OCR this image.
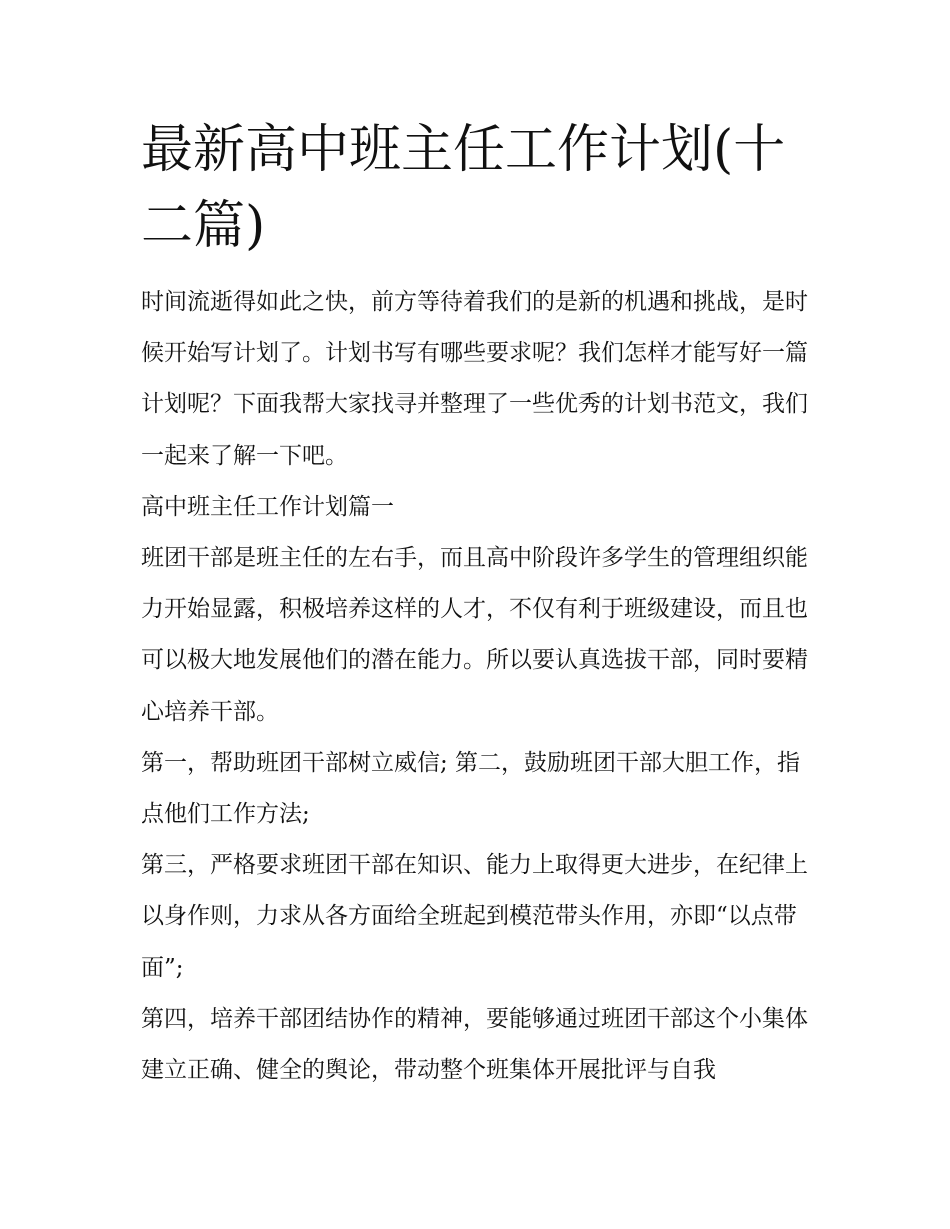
最新高中班主任工作计划(十二篇)

时间流逝得如此之快，前方等待着我们的是新的机遇和挑战，是时候开始写计划了。计划书写有哪些要求呢？我们怎样才能写好一篇计划呢？下面我帮大家找寻并整理了一些优秀的计划书范文，我们一起来了解一下吧。

高中班主任工作计划篇一

班团干部是班主任的左右手，而且高中阶段许多学生的管理组织能力开始显露，积极培养这样的人才，不仅有利于班级建设，而且也可以极大地发展他们的潜在能力。所以要认真选拔干部，同时要精心培养干部。

第一，帮助班团干部树立威信; 第二，鼓励班团干部大胆工作，指点他们工作方法;

第三，严格要求班团干部在知识、能力上取得更大进步，在纪律上以身作则，力求从各方面给全班起到模范带头作用，亦即“以点带面”;

第四，培养干部团结协作的精神，要能够通过班团干部这个小集体建立正确、健全的舆论，带动整个班集体开展批评与自我
